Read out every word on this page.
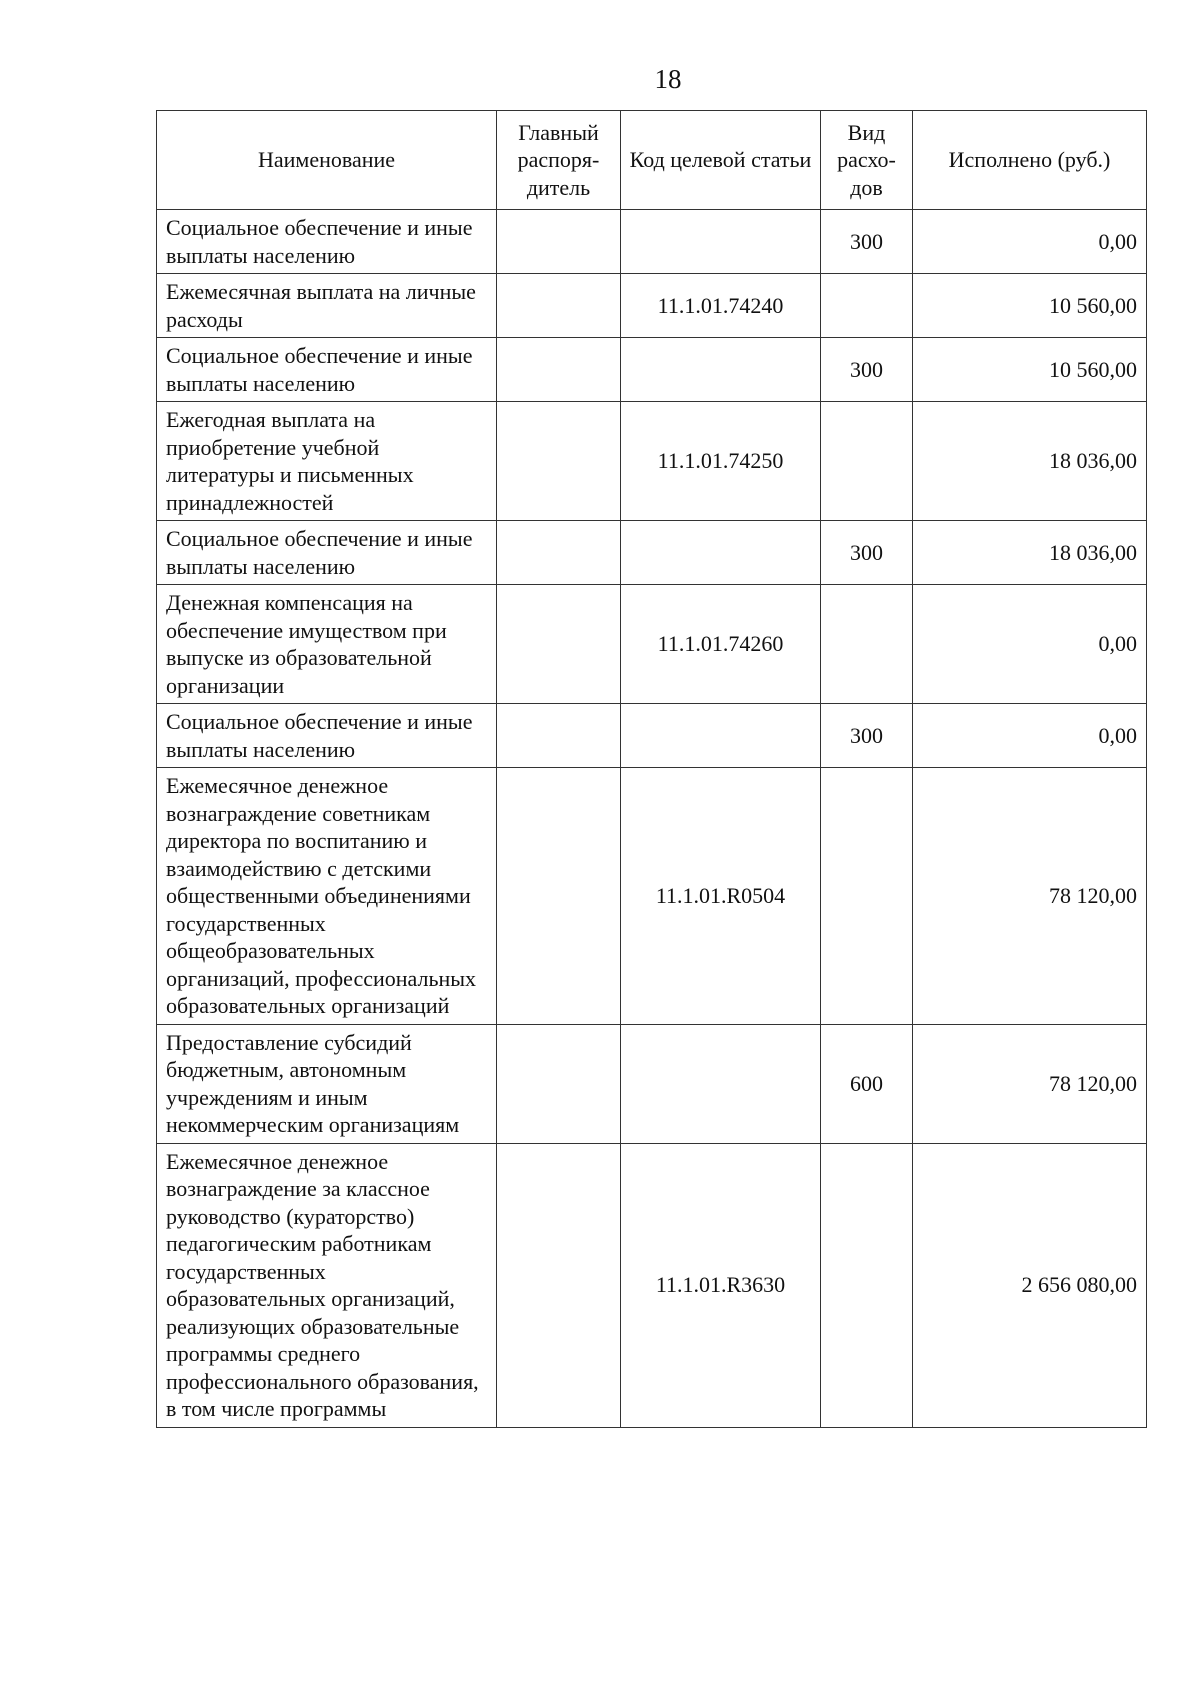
18
Наименование	Главный распоря-дитель	Код целевой статьи	Вид расхо-дов	Исполнено (руб.)
Социальное обеспечение и иные выплаты населению			300	0,00
Ежемесячная выплата на личные расходы		11.1.01.74240		10 560,00
Социальное обеспечение и иные выплаты населению			300	10 560,00
Ежегодная выплата на приобретение учебной литературы и письменных принадлежностей		11.1.01.74250		18 036,00
Социальное обеспечение и иные выплаты населению			300	18 036,00
Денежная компенсация на обеспечение имуществом при выпуске из образовательной организации		11.1.01.74260		0,00
Социальное обеспечение и иные выплаты населению			300	0,00
Ежемесячное денежное вознаграждение советникам директора по воспитанию и взаимодействию с детскими общественными объединениями государственных общеобразовательных организаций, профессиональных образовательных организаций		11.1.01.R0504		78 120,00
Предоставление субсидий бюджетным, автономным учреждениям и иным некоммерческим организациям			600	78 120,00
Ежемесячное денежное вознаграждение за классное руководство (кураторство) педагогическим работникам государственных образовательных организаций, реализующих образовательные программы среднего профессионального образования, в том числе программы		11.1.01.R3630		2 656 080,00
